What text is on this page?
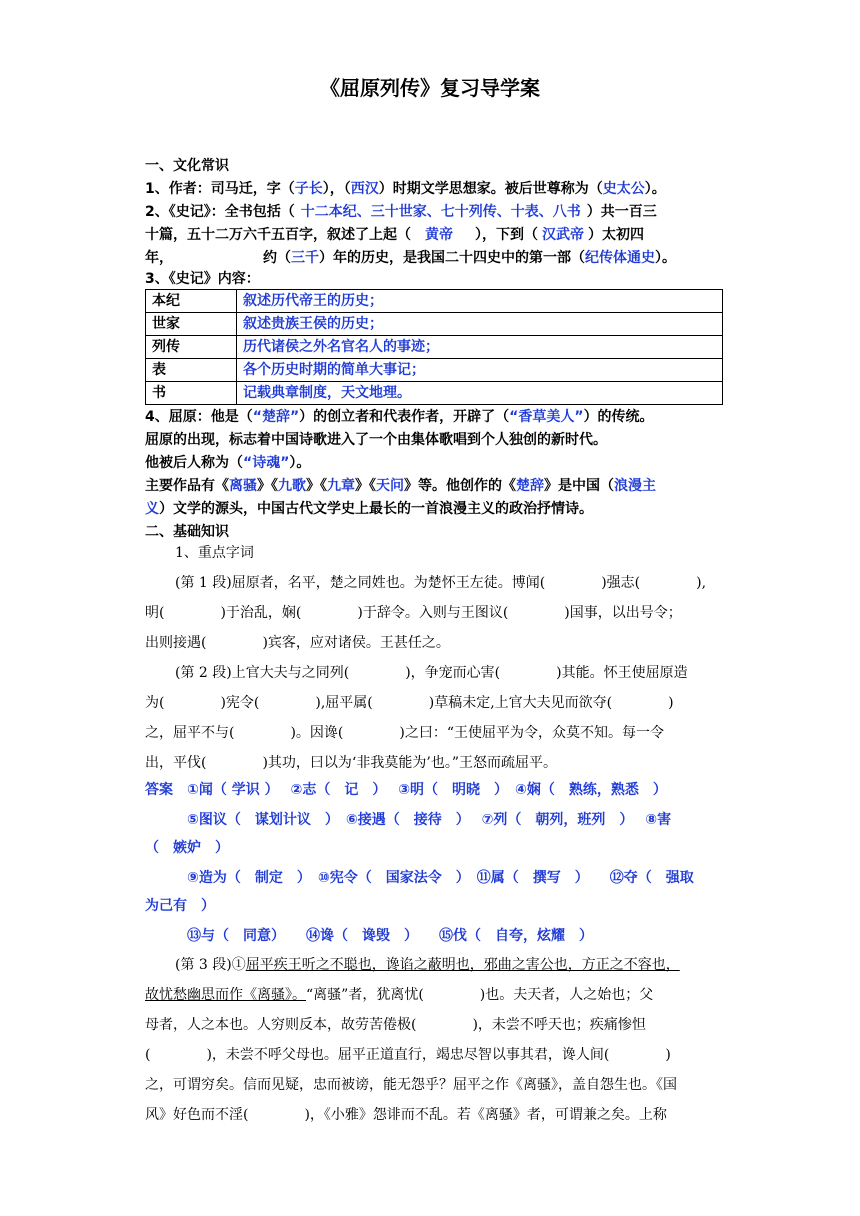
《屈原列传》复习导学案
一、文化常识
1、作者：司马迁，字（子长），（西汉）时期文学思想家。被后世尊称为（史太公）。
2、《史记》：全书包括（ 十二本纪、三十世家、七十列传、十表、八书 ）共一百三
十篇，五十二万六千五百字，叙述了上起（ 黄帝 ），下到（ 汉武帝 ）太初四
年，	约（三千）年的历史，是我国二十四史中的第一部（纪传体通史）。
3、《史记》内容：
本纪	叙述历代帝王的历史；
世家	叙述贵族王侯的历史；
列传	历代诸侯之外名官名人的事迹；
表	各个历史时期的简单大事记；
书	记载典章制度，天文地理。
4、屈原：他是（“楚辞”）的创立者和代表作者，开辟了（“香草美人”）的传统。
屈原的出现，标志着中国诗歌进入了一个由集体歌唱到个人独创的新时代。
他被后人称为（“诗魂”）。
主要作品有《离骚》《九歌》《九章》《天问》等。他创作的《楚辞》是中国（浪漫主
义）文学的源头，中国古代文学史上最长的一首浪漫主义的政治抒情诗。
二、基础知识
1、重点字词
(第 1 段)屈原者，名平，楚之同姓也。为楚怀王左徒。博闻(　　　　)强志(　　　　),
明(　　　　)于治乱，娴(　　　　)于辞令。入则与王图议(　　　　)国事，以出号令；
出则接遇(　　　　)宾客，应对诸侯。王甚任之。
(第 2 段)上官大夫与之同列(　　　　)，争宠而心害(　　　　)其能。怀王使屈原造
为(　　　　)宪令(　　　　),屈平属(　　　　)草稿未定,上官大夫见而欲夺(　　　　)
之，屈平不与(　　　　)。因谗(　　　　)之曰：“王使屈平为令，众莫不知。每一令
出，平伐(　　　　)其功，曰以为‘非我莫能为’也。”王怒而疏屈平。
答案　①闻（ 学识 ）　 ②志（　记　）　 ③明（　明晓　）　④娴（　熟练，熟悉　）
　　　⑤图议（　谋划计议　）　⑥接遇（　接待　）　 ⑦列（　朝列，班列　）　 ⑧害
（　嫉妒　）
　　　⑨造为（　制定　）　⑩宪令（　国家法令　）　⑪属（　撰写　）　　⑫夺（　强取
为己有　）
　　　⑬与（　同意）　　⑭谗（　谗毁　）　　⑮伐（　自夸，炫耀　）
(第 3 段)①屈平疾王听之不聪也，谗谄之蔽明也，邪曲之害公也，方正之不容也，
故忧愁幽思而作《离骚》。“离骚”者，犹离忧(　　　　)也。夫天者，人之始也；父
母者，人之本也。人穷则反本，故劳苦倦极(　　　　)，未尝不呼天也；疾痛惨怛
(　　　　)，未尝不呼父母也。屈平正道直行，竭忠尽智以事其君，谗人间(　　　　)
之，可谓穷矣。信而见疑，忠而被谤，能无怨乎？屈平之作《离骚》，盖自怨生也。《国
风》好色而不淫(　　　　)，《小雅》怨诽而不乱。若《离骚》者，可谓兼之矣。上称
